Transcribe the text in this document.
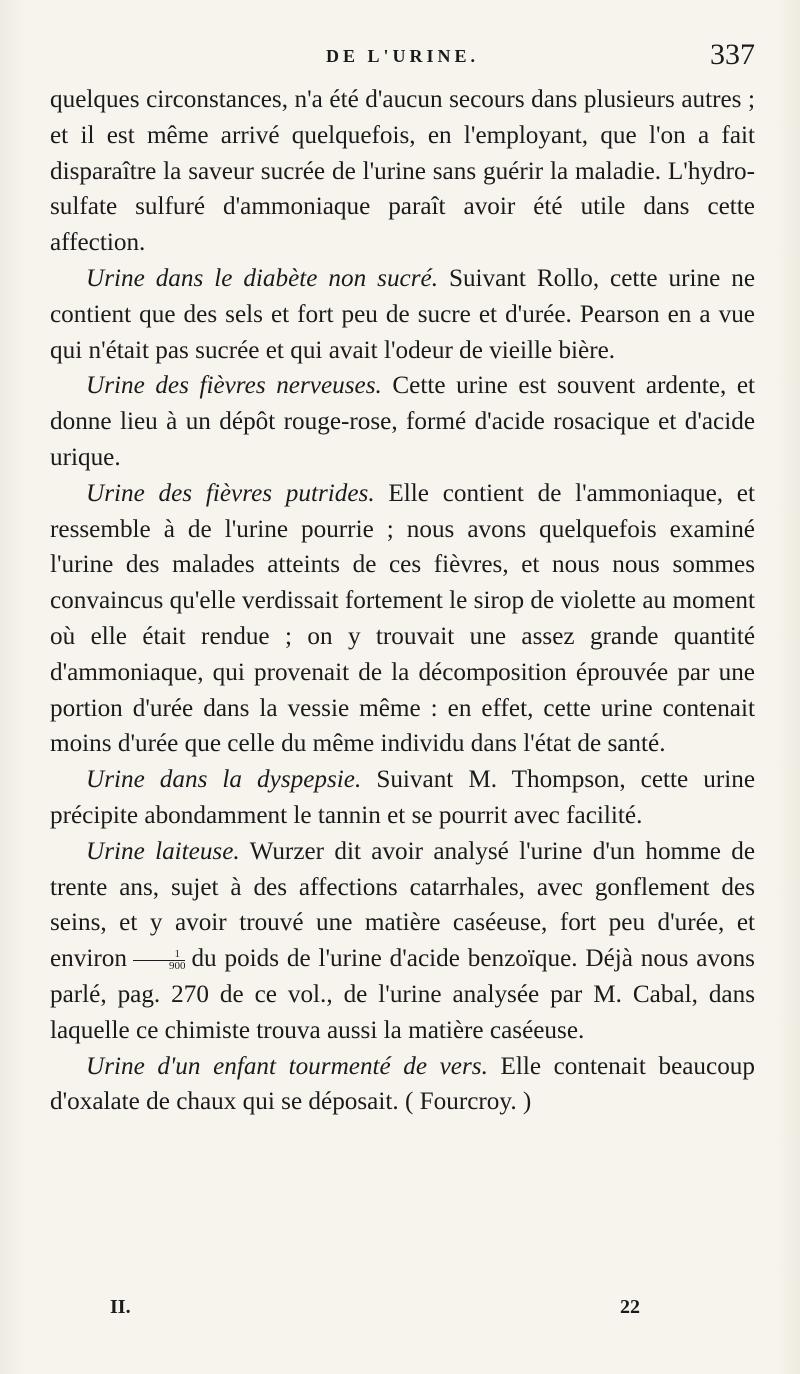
DE L'URINE.	337

quelques circonstances, n'a été d'aucun secours dans plusieurs autres ; et il est même arrivé quelquefois, en l'employant, que l'on a fait disparaître la saveur sucrée de l'urine sans guérir la maladie. L'hydro-sulfate sulfuré d'ammoniaque paraît avoir été utile dans cette affection.

Urine dans le diabète non sucré. Suivant Rollo, cette urine ne contient que des sels et fort peu de sucre et d'urée. Pearson en a vue qui n'était pas sucrée et qui avait l'odeur de vieille bière.

Urine des fièvres nerveuses. Cette urine est souvent ardente, et donne lieu à un dépôt rouge-rose, formé d'acide rosacique et d'acide urique.

Urine des fièvres putrides. Elle contient de l'ammoniaque, et ressemble à de l'urine pourrie ; nous avons quelquefois examiné l'urine des malades atteints de ces fièvres, et nous nous sommes convaincus qu'elle verdissait fortement le sirop de violette au moment où elle était rendue ; on y trouvait une assez grande quantité d'ammoniaque, qui provenait de la décomposition éprouvée par une portion d'urée dans la vessie même : en effet, cette urine contenait moins d'urée que celle du même individu dans l'état de santé.

Urine dans la dyspepsie. Suivant M. Thompson, cette urine précipite abondamment le tannin et se pourrit avec facilité.

Urine laiteuse. Wurzer dit avoir analysé l'urine d'un homme de trente ans, sujet à des affections catarrhales, avec gonflement des seins, et y avoir trouvé une matière caséeuse, fort peu d'urée, et environ $\frac{1}{900}$ du poids de l'urine d'acide benzoïque. Déjà nous avons parlé, pag. 270 de ce vol., de l'urine analysée par M. Cabal, dans laquelle ce chimiste trouva aussi la matière caséeuse.

Urine d'un enfant tourmenté de vers. Elle contenait beaucoup d'oxalate de chaux qui se déposait. ( Fourcroy. )

II.	22
